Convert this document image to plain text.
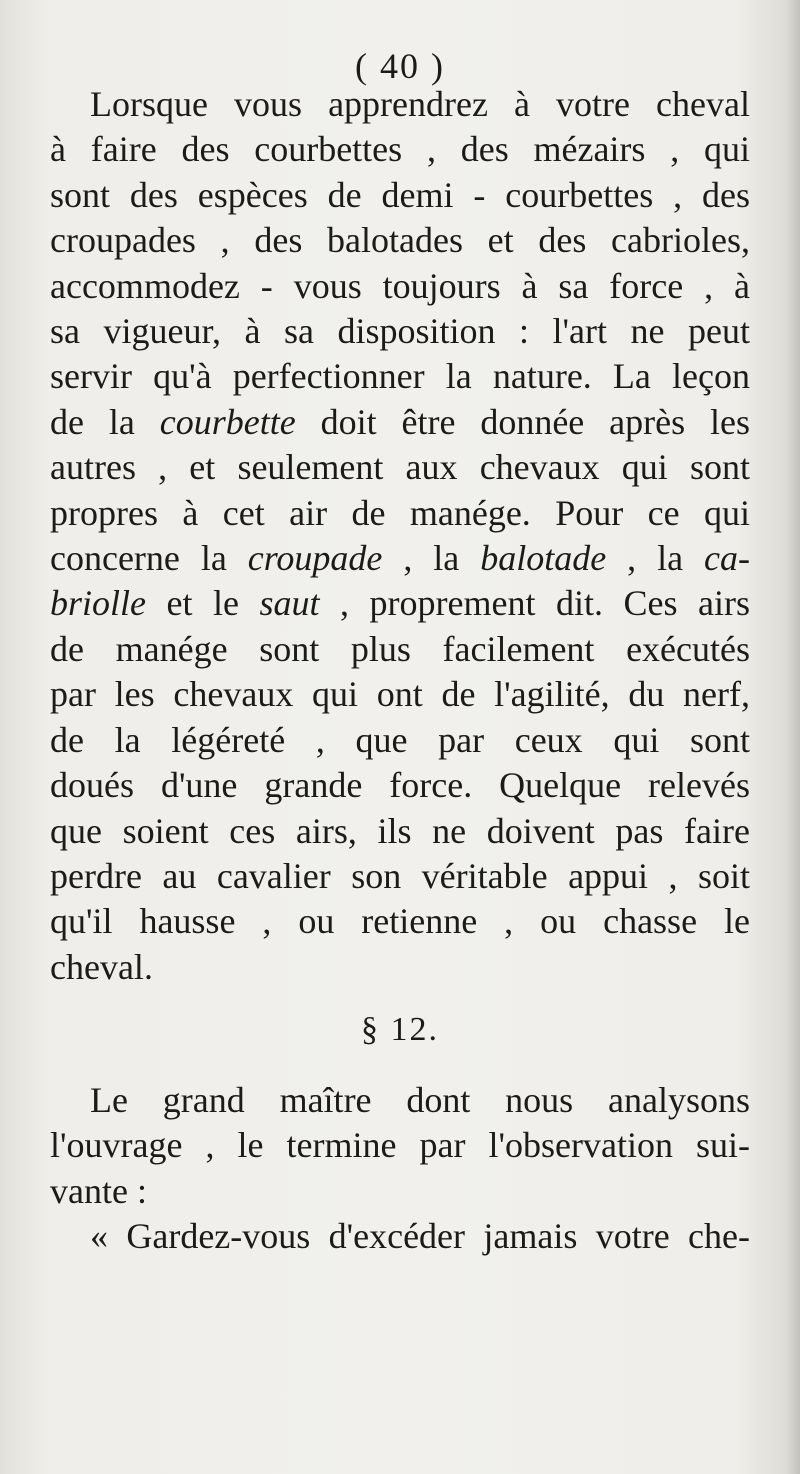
( 40 )
Lorsque vous apprendrez à votre cheval
à faire des courbettes , des mézairs , qui
sont des espèces de demi - courbettes , des
croupades , des balotades et des cabrioles,
accommodez - vous toujours à sa force , à
sa vigueur, à sa disposition : l'art ne peut
servir qu'à perfectionner la nature. La leçon
de la courbette doit être donnée après les
autres , et seulement aux chevaux qui sont
propres à cet air de manége. Pour ce qui
concerne la croupade , la balotade , la ca-
briolle et le saut , proprement dit. Ces airs
de manége sont plus facilement exécutés
par les chevaux qui ont de l'agilité, du nerf,
de la légéreté , que par ceux qui sont
doués d'une grande force. Quelque relevés
que soient ces airs, ils ne doivent pas faire
perdre au cavalier son véritable appui , soit
qu'il hausse , ou retienne , ou chasse le
cheval.
§ 12.
Le grand maître dont nous analysons
l'ouvrage , le termine par l'observation sui-
vante :
« Gardez-vous d'excéder jamais votre che-
